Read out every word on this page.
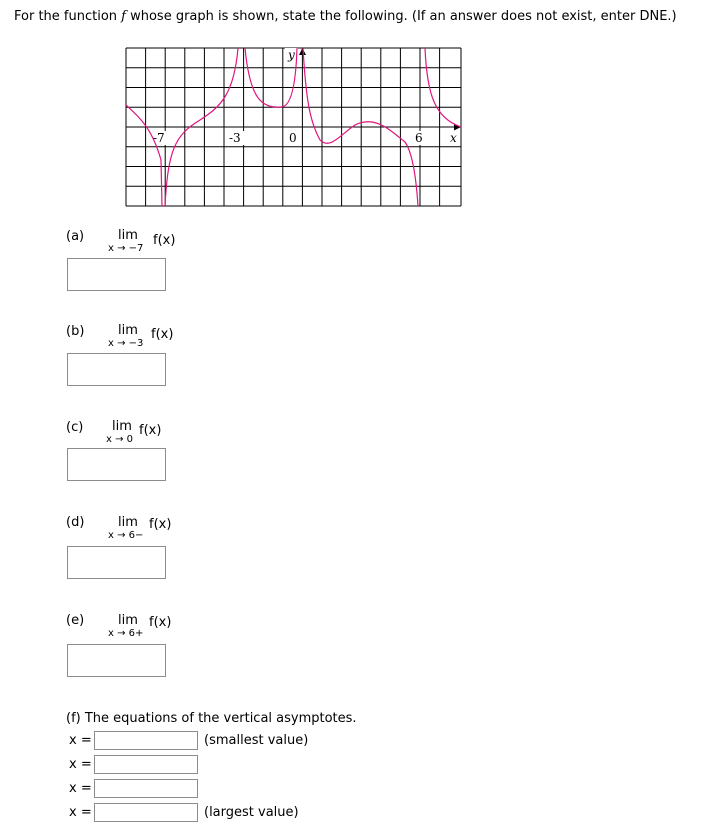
For the function f whose graph is shown, state the following. (If an answer does not exist, enter DNE.)
-7	-3	0	6 x
y
(a)	lim
x → −7
f(x)
(b)	lim
x → −3
f(x)
(c) lim
x → 0
f(x)
(d)	lim
x → 6−
f(x)
(e)	lim
x → 6+
f(x)
(f) The equations of the vertical asymptotes.
x =	(smallest value)
x =
x =
x =	(largest value)
